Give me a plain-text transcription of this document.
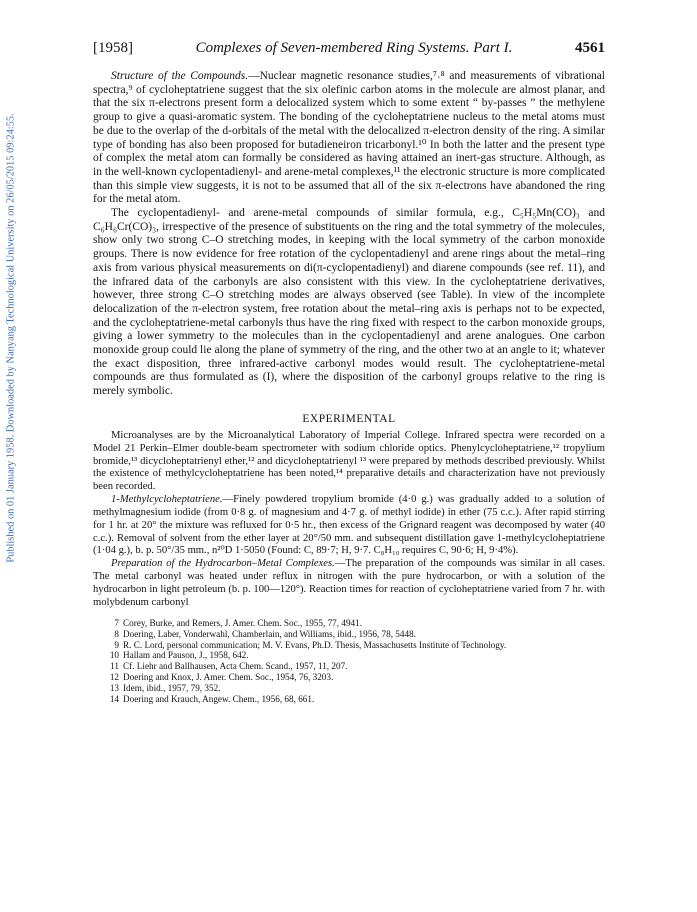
Published on 01 January 1958. Downloaded by Nanyang Technological University on 26/05/2015 09:24:55.
[1958]	Complexes of Seven-membered Ring Systems. Part I.	4561

Structure of the Compounds.—Nuclear magnetic resonance studies,⁷˒⁸ and measurements of vibrational spectra,⁹ of cycloheptatriene suggest that the six olefinic carbon atoms in the molecule are almost planar, and that the six π-electrons present form a delocalized system which to some extent “ by-passes ” the methylene group to give a quasi-aromatic system. The bonding of the cycloheptatriene nucleus to the metal atoms must be due to the overlap of the d-orbitals of the metal with the delocalized π-electron density of the ring. A similar type of bonding has also been proposed for butadieneiron tricarbonyl.¹⁰ In both the latter and the present type of complex the metal atom can formally be considered as having attained an inert-gas structure. Although, as in the well-known cyclopentadienyl- and arene-metal complexes,¹¹ the electronic structure is more complicated than this simple view suggests, it is not to be assumed that all of the six π-electrons have abandoned the ring for the metal atom.

The cyclopentadienyl- and arene-metal compounds of similar formula, e.g., C₅H₅Mn(CO)₃ and C₆H₆Cr(CO)₃, irrespective of the presence of substituents on the ring and the total symmetry of the molecules, show only two strong C–O stretching modes, in keeping with the local symmetry of the carbon monoxide groups. There is now evidence for free rotation of the cyclopentadienyl and arene rings about the metal–ring axis from various physical measurements on di(π-cyclopentadienyl) and diarene compounds (see ref. 11), and the infrared data of the carbonyls are also consistent with this view. In the cycloheptatriene derivatives, however, three strong C–O stretching modes are always observed (see Table). In view of the incomplete delocalization of the π-electron system, free rotation about the metal–ring axis is perhaps not to be expected, and the cycloheptatriene-metal carbonyls thus have the ring fixed with respect to the carbon monoxide groups, giving a lower symmetry to the molecules than in the cyclopentadienyl and arene analogues. One carbon monoxide group could lie along the plane of symmetry of the ring, and the other two at an angle to it; whatever the exact disposition, three infrared-active carbonyl modes would result. The cycloheptatriene-metal compounds are thus formulated as (I), where the disposition of the carbonyl groups relative to the ring is merely symbolic.

EXPERIMENTAL

Microanalyses are by the Microanalytical Laboratory of Imperial College. Infrared spectra were recorded on a Model 21 Perkin–Elmer double-beam spectrometer with sodium chloride optics. Phenylcycloheptatriene,¹² tropylium bromide,¹³ dicycloheptatrienyl ether,¹² and dicycloheptatrienyl ¹³ were prepared by methods described previously. Whilst the existence of methylcycloheptatriene has been noted,¹⁴ preparative details and characterization have not previously been recorded.

1-Methylcycloheptatriene.—Finely powdered tropylium bromide (4·0 g.) was gradually added to a solution of methylmagnesium iodide (from 0·8 g. of magnesium and 4·7 g. of methyl iodide) in ether (75 c.c.). After rapid stirring for 1 hr. at 20° the mixture was refluxed for 0·5 hr., then excess of the Grignard reagent was decomposed by water (40 c.c.). Removal of solvent from the ether layer at 20°/50 mm. and subsequent distillation gave 1-methylcycloheptatriene (1·04 g.), b. p. 50°/35 mm., n²⁰D 1·5050 (Found: C, 89·7; H, 9·7. C₈H₁₀ requires C, 90·6; H, 9·4%).

Preparation of the Hydrocarbon–Metal Complexes.—The preparation of the compounds was similar in all cases. The metal carbonyl was heated under reflux in nitrogen with the pure hydrocarbon, or with a solution of the hydrocarbon in light petroleum (b. p. 100—120°). Reaction times for reaction of cycloheptatriene varied from 7 hr. with molybdenum carbonyl

7 Corey, Burke, and Remers, J. Amer. Chem. Soc., 1955, 77, 4941.
8 Doering, Laber, Vonderwahl, Chamberlain, and Williams, ibid., 1956, 78, 5448.
9 R. C. Lord, personal communication; M. V. Evans, Ph.D. Thesis, Massachusetts Institute of Technology.
10 Hallam and Pauson, J., 1958, 642.
11 Cf. Liehr and Ballhausen, Acta Chem. Scand., 1957, 11, 207.
12 Doering and Knox, J. Amer. Chem. Soc., 1954, 76, 3203.
13 Idem, ibid., 1957, 79, 352.
14 Doering and Krauch, Angew. Chem., 1956, 68, 661.
